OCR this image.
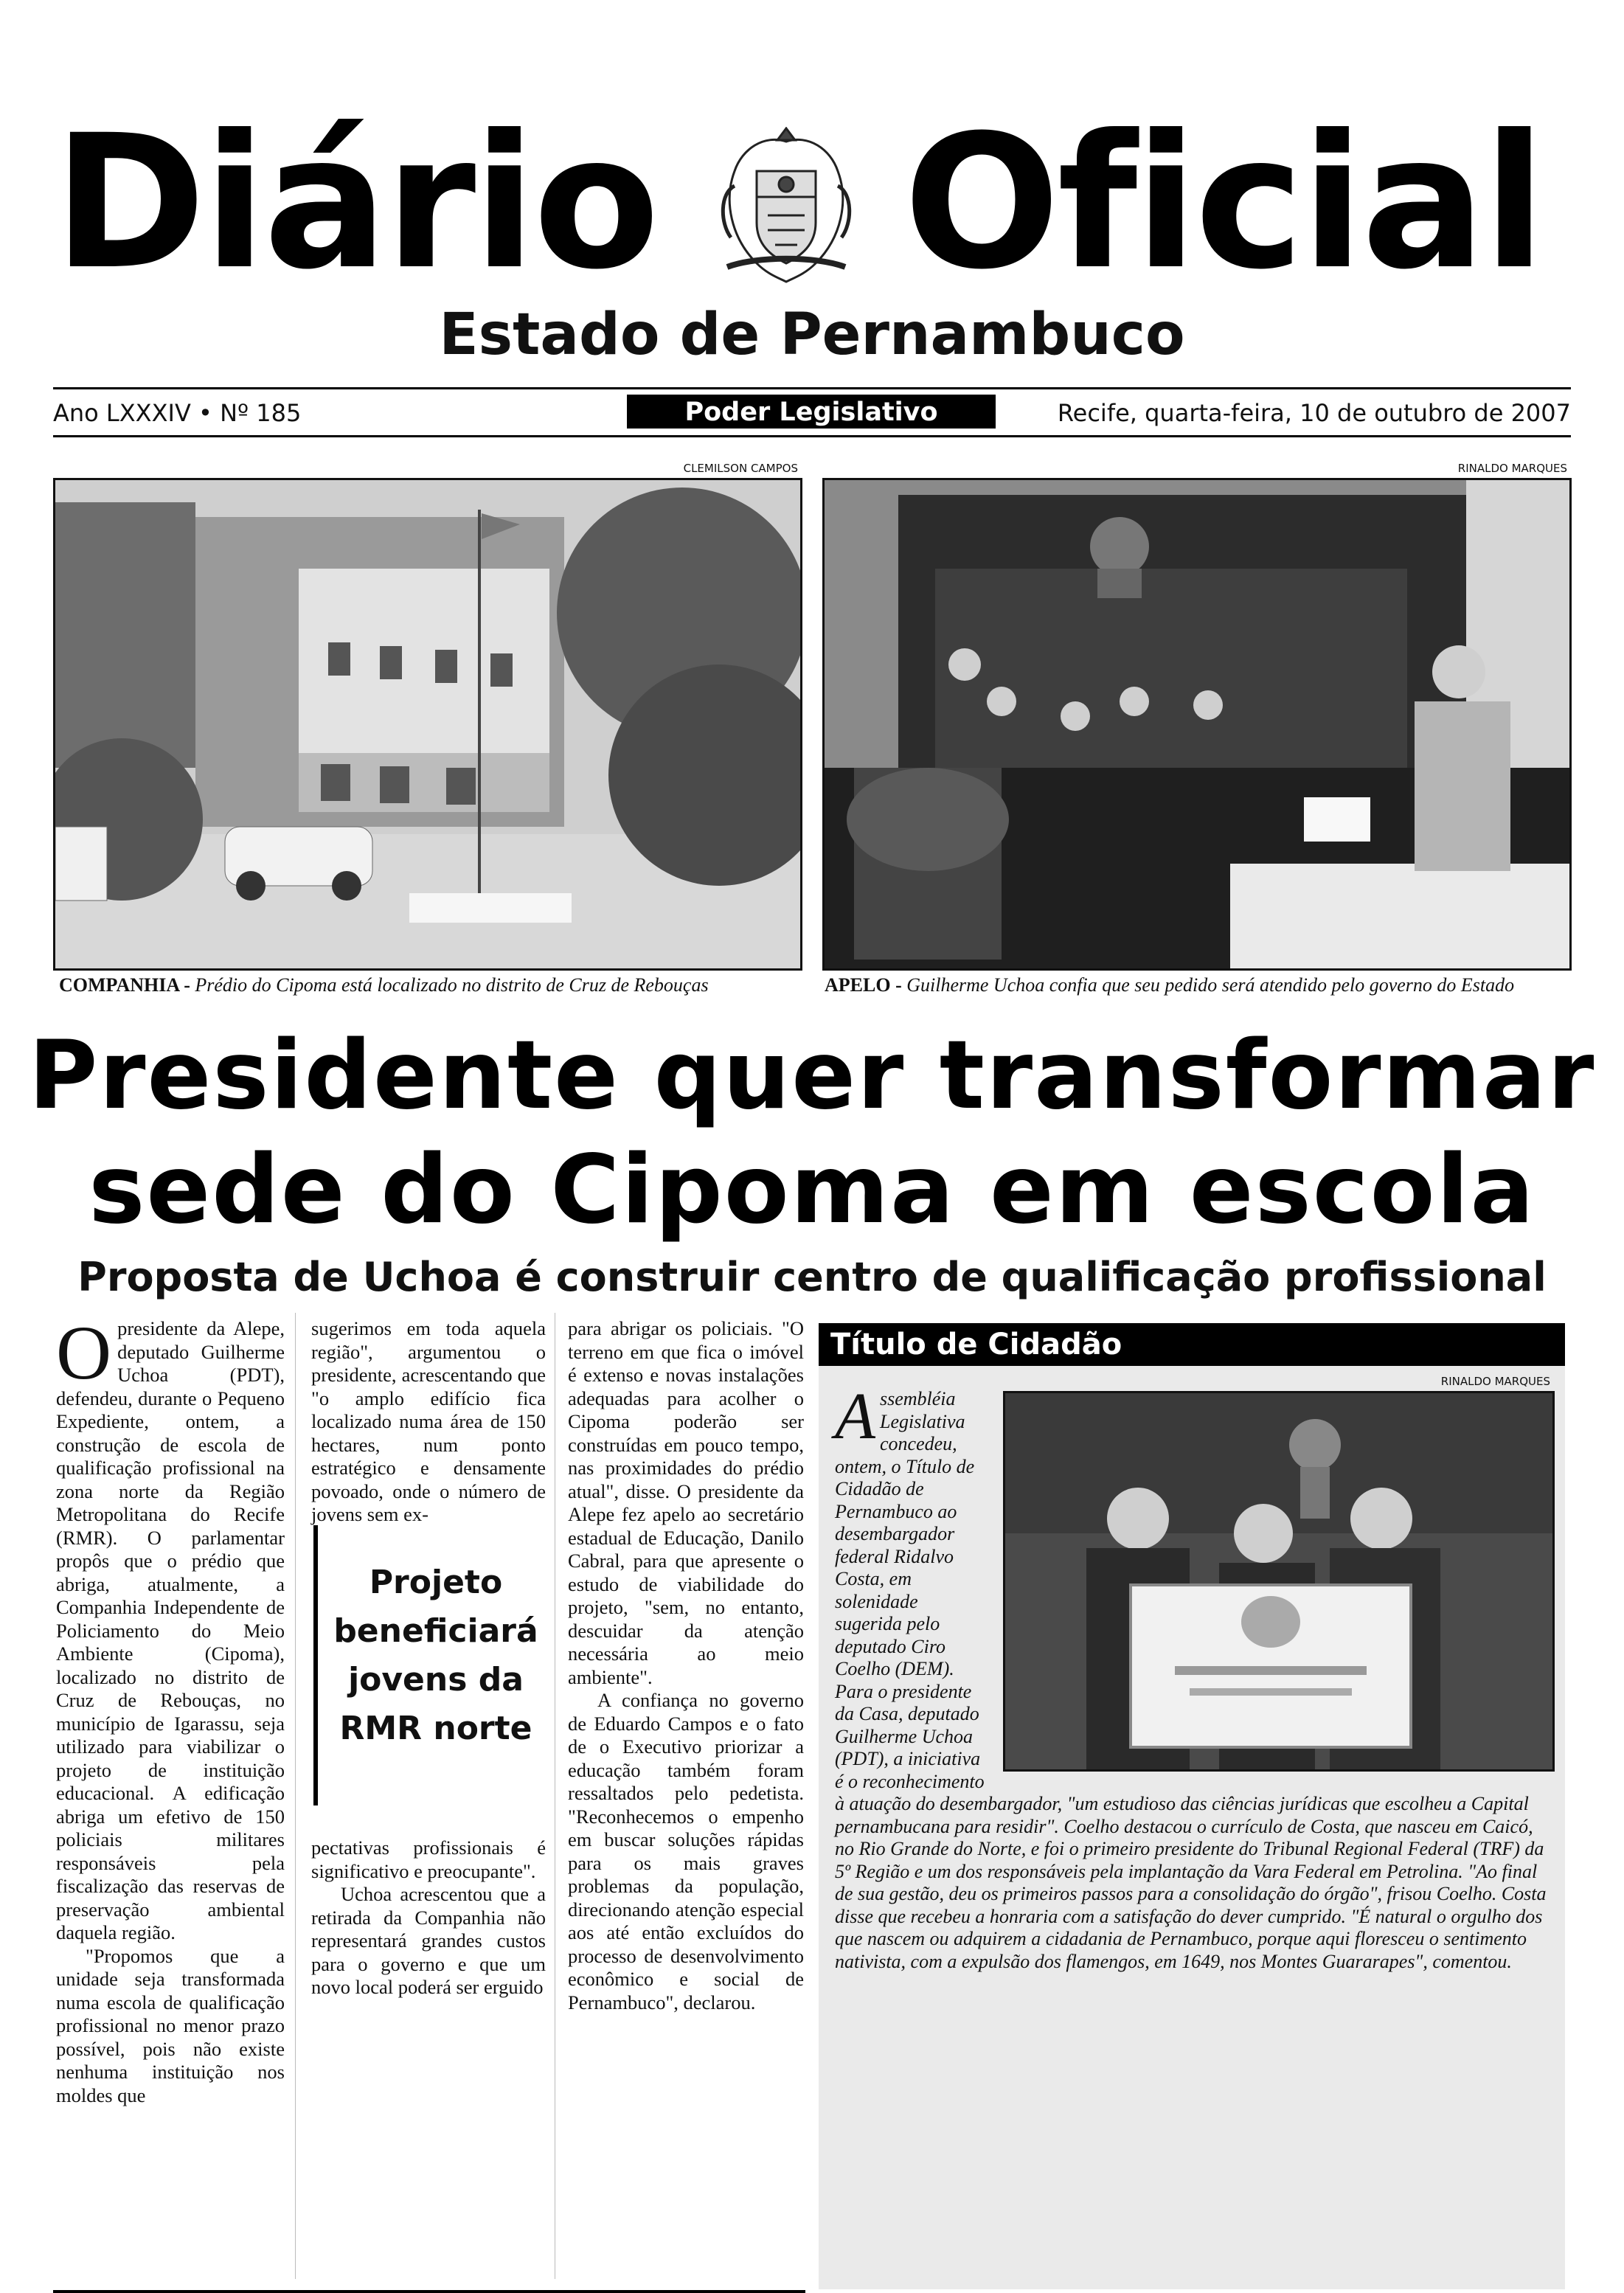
Diário Oficial
Estado de Pernambuco
Ano LXXXIV • Nº 185	Poder Legislativo	Recife, quarta-feira, 10 de outubro de 2007
CLEMILSON CAMPOS
COMPANHIA - Prédio do Cipoma está localizado no distrito de Cruz de Rebouças
RINALDO MARQUES
APELO - Guilherme Uchoa confia que seu pedido será atendido pelo governo do Estado
Presidente quer transformar
sede do Cipoma em escola
Proposta de Uchoa é construir centro de qualificação profissional
O presidente da Alepe, deputado Guilherme Uchoa (PDT), defendeu, durante o Pequeno Expediente, ontem, a construção de escola de qualificação profissional na zona norte da Região Metropolitana do Recife (RMR). O parlamentar propôs que o prédio que abriga, atualmente, a Companhia Independente de Policiamento do Meio Ambiente (Cipoma), localizado no distrito de Cruz de Rebouças, no município de Igarassu, seja utilizado para viabilizar o projeto de instituição educacional. A edificação abriga um efetivo de 150 policiais militares responsáveis pela fiscalização das reservas de preservação ambiental daquela região.

"Propomos que a unidade seja transformada numa escola de qualificação profissional no menor prazo possível, pois não existe nenhuma instituição nos moldes que

sugerimos em toda aquela região", argumentou o presidente, acrescentando que "o amplo edifício fica localizado numa área de 150 hectares, num ponto estratégico e densamente povoado, onde o número de jovens sem ex-

Projeto
beneficiará
jovens da
RMR norte

pectativas profissionais é significativo e preocupante".

Uchoa acrescentou que a retirada da Companhia não representará grandes custos para o governo e que um novo local poderá ser erguido

para abrigar os policiais. "O terreno em que fica o imóvel é extenso e novas instalações adequadas para acolher o Cipoma poderão ser construídas em pouco tempo, nas proximidades do prédio atual", disse. O presidente da Alepe fez apelo ao secretário estadual de Educação, Danilo Cabral, para que apresente o estudo de viabilidade do projeto, "sem, no entanto, descuidar da atenção necessária ao meio ambiente".

A confiança no governo de Eduardo Campos e o fato de o Executivo priorizar a educação também foram ressaltados pelo pedetista. "Reconhecemos o empenho em buscar soluções rápidas para os mais graves problemas da população, direcionando atenção especial aos até então excluídos do processo de desenvolvimento econômico e social de Pernambuco", declarou.

Título de Cidadão
RINALDO MARQUES
A ssembléia Legislativa concedeu, ontem, o Título de Cidadão de Pernambuco ao desembargador federal Ridalvo Costa, em solenidade sugerida pelo deputado Ciro Coelho (DEM). Para o presidente da Casa, deputado Guilherme Uchoa (PDT), a iniciativa é o reconhecimento à atuação do desembargador, "um estudioso das ciências jurídicas que escolheu a Capital pernambucana para residir". Coelho destacou o currículo de Costa, que nasceu em Caicó, no Rio Grande do Norte, e foi o primeiro presidente do Tribunal Regional Federal (TRF) da 5º Região e um dos responsáveis pela implantação da Vara Federal em Petrolina. "Ao final de sua gestão, deu os primeiros passos para a consolidação do órgão", frisou Coelho. Costa disse que recebeu a honraria com a satisfação do dever cumprido. "É natural o orgulho dos que nascem ou adquirem a cidadania de Pernambuco, porque aqui floresceu o sentimento nativista, com a expulsão dos flamengos, em 1649, nos Montes Guararapes", comentou.
